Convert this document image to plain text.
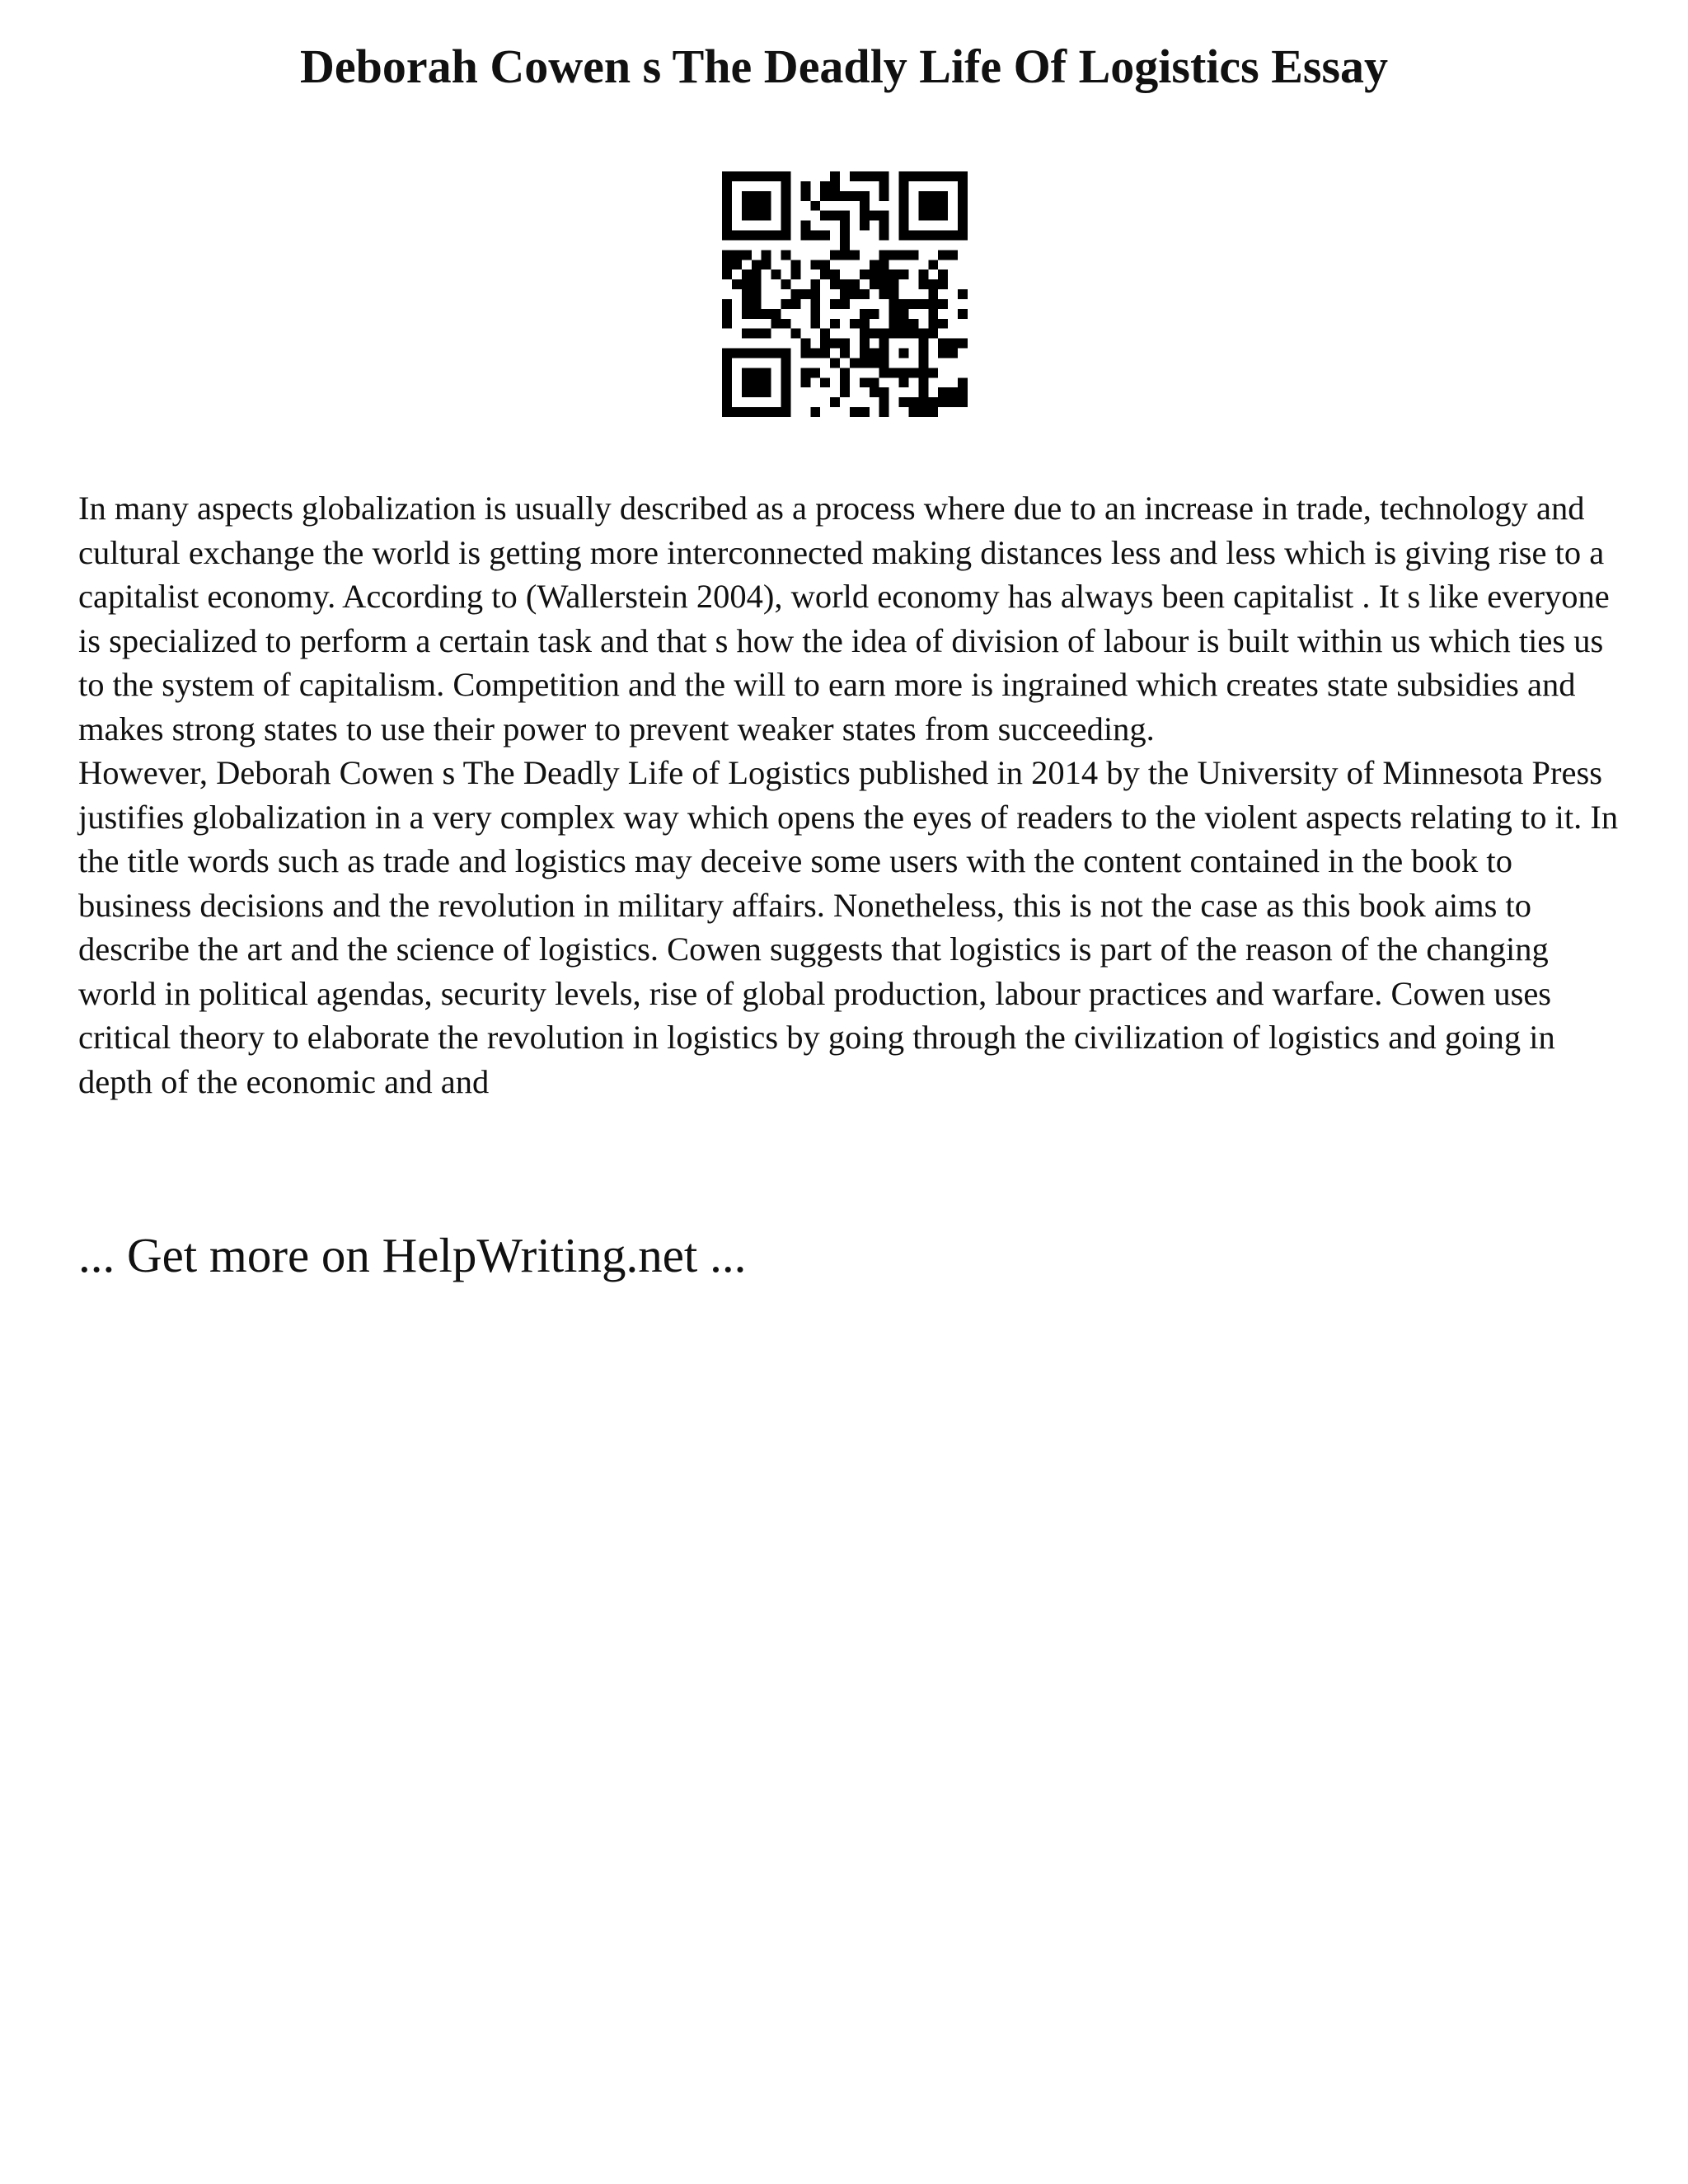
Deborah Cowen s The Deadly Life Of Logistics Essay

In many aspects globalization is usually described as a process where due to an increase in trade, technology and cultural exchange the world is getting more interconnected making distances less and less which is giving rise to a capitalist economy. According to (Wallerstein 2004), world economy has always been capitalist . It s like everyone is specialized to perform a certain task and that s how the idea of division of labour is built within us which ties us to the system of capitalism. Competition and the will to earn more is ingrained which creates state subsidies and makes strong states to use their power to prevent weaker states from succeeding.

However, Deborah Cowen s The Deadly Life of Logistics published in 2014 by the University of Minnesota Press justifies globalization in a very complex way which opens the eyes of readers to the violent aspects relating to it. In the title words such as trade and logistics may deceive some users with the content contained in the book to business decisions and the revolution in military affairs. Nonetheless, this is not the case as this book aims to describe the art and the science of logistics. Cowen suggests that logistics is part of the reason of the changing world in political agendas, security levels, rise of global production, labour practices and warfare. Cowen uses critical theory to elaborate the revolution in logistics by going through the civilization of logistics and going in depth of the economic and and

... Get more on HelpWriting.net ...
